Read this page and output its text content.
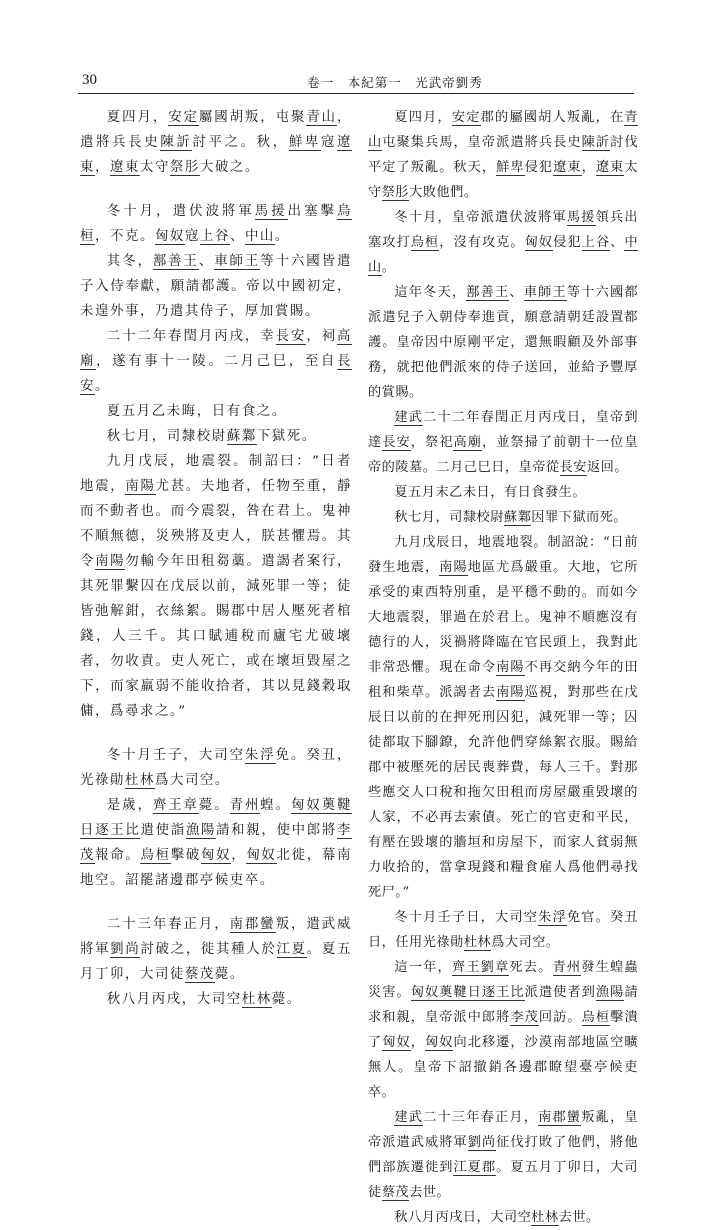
30	卷一　本紀第一　光武帝劉秀

夏四月，安定屬國胡叛，屯聚青山，遣將兵長史陳訢討平之。秋，鮮卑寇遼東，遼東太守祭肜大破之。

冬十月，遣伏波將軍馬援出塞擊烏桓，不克。匈奴寇上谷、中山。

其冬，鄯善王、車師王等十六國皆遣子入侍奉獻，願請都護。帝以中國初定，未遑外事，乃遣其侍子，厚加賞賜。

二十二年春閏月丙戌，幸長安，祠高廟，遂有事十一陵。二月己巳，至自長安。

夏五月乙未晦，日有食之。

秋七月，司隸校尉蘇鄴下獄死。

九月戊辰，地震裂。制詔曰：“日者地震，南陽尤甚。夫地者，任物至重，靜而不動者也。而今震裂，咎在君上。鬼神不順無德，災殃將及吏人，朕甚懼焉。其令南陽勿輸今年田租芻藁。遣謁者案行，其死罪繫囚在戊辰以前，減死罪一等；徒皆弛解鉗，衣絲絮。賜郡中居人壓死者棺錢，人三千。其口賦逋稅而廬宅尤破壞者，勿收責。吏人死亡，或在壞垣毀屋之下，而家羸弱不能收拾者，其以見錢穀取傭，爲尋求之。”

冬十月壬子，大司空朱浮免。癸丑，光祿勛杜林爲大司空。

是歲，齊王章薨。青州蝗。匈奴薁鞬日逐王比遣使詣漁陽請和親，使中郎將李茂報命。烏桓擊破匈奴，匈奴北徙，幕南地空。詔罷諸邊郡亭候吏卒。

二十三年春正月，南郡蠻叛，遣武威將軍劉尚討破之，徙其種人於江夏。夏五月丁卯，大司徒蔡茂薨。

秋八月丙戌，大司空杜林薨。

夏四月，安定郡的屬國胡人叛亂，在青山屯聚集兵馬，皇帝派遣將兵長史陳訢討伐平定了叛亂。秋天，鮮卑侵犯遼東，遼東太守祭肜大敗他們。

冬十月，皇帝派遣伏波將軍馬援領兵出塞攻打烏桓，沒有攻克。匈奴侵犯上谷、中山。

這年冬天，鄯善王、車師王等十六國都派遣兒子入朝侍奉進貢，願意請朝廷設置都護。皇帝因中原剛平定，還無暇顧及外部事務，就把他們派來的侍子送回，並給予豐厚的賞賜。

建武二十二年春閏正月丙戌日，皇帝到達長安，祭祀高廟，並祭掃了前朝十一位皇帝的陵墓。二月己巳日，皇帝從長安返回。

夏五月末乙未日，有日食發生。

秋七月，司隸校尉蘇鄴因罪下獄而死。

九月戊辰日，地震地裂。制詔說：“日前發生地震，南陽地區尤爲嚴重。大地，它所承受的東西特別重，是平穩不動的。而如今大地震裂，罪過在於君上。鬼神不順應沒有德行的人，災禍將降臨在官民頭上，我對此非常恐懼。現在命令南陽不再交納今年的田租和柴草。派謁者去南陽巡視，對那些在戊辰日以前的在押死刑囚犯，減死罪一等；囚徒都取下腳鐐，允許他們穿絲絮衣服。賜給郡中被壓死的居民喪葬費，每人三千。對那些應交人口稅和拖欠田租而房屋嚴重毀壞的人家，不必再去索債。死亡的官吏和平民，有壓在毀壞的牆垣和房屋下，而家人貧弱無力收拾的，當拿現錢和糧食雇人爲他們尋找死尸。”

冬十月壬子日，大司空朱浮免官。癸丑日，任用光祿勛杜林爲大司空。

這一年，齊王劉章死去。青州發生蝗蟲災害。匈奴薁鞬日逐王比派遣使者到漁陽請求和親，皇帝派中郎將李茂回訪。烏桓擊潰了匈奴，匈奴向北移遷，沙漠南部地區空曠無人。皇帝下詔撤銷各邊郡瞭望臺亭候吏卒。

建武二十三年春正月，南郡蠻叛亂，皇帝派遣武威將軍劉尚征伐打敗了他們，將他們部族遷徙到江夏郡。夏五月丁卯日，大司徒蔡茂去世。

秋八月丙戌日，大司空杜林去世。
